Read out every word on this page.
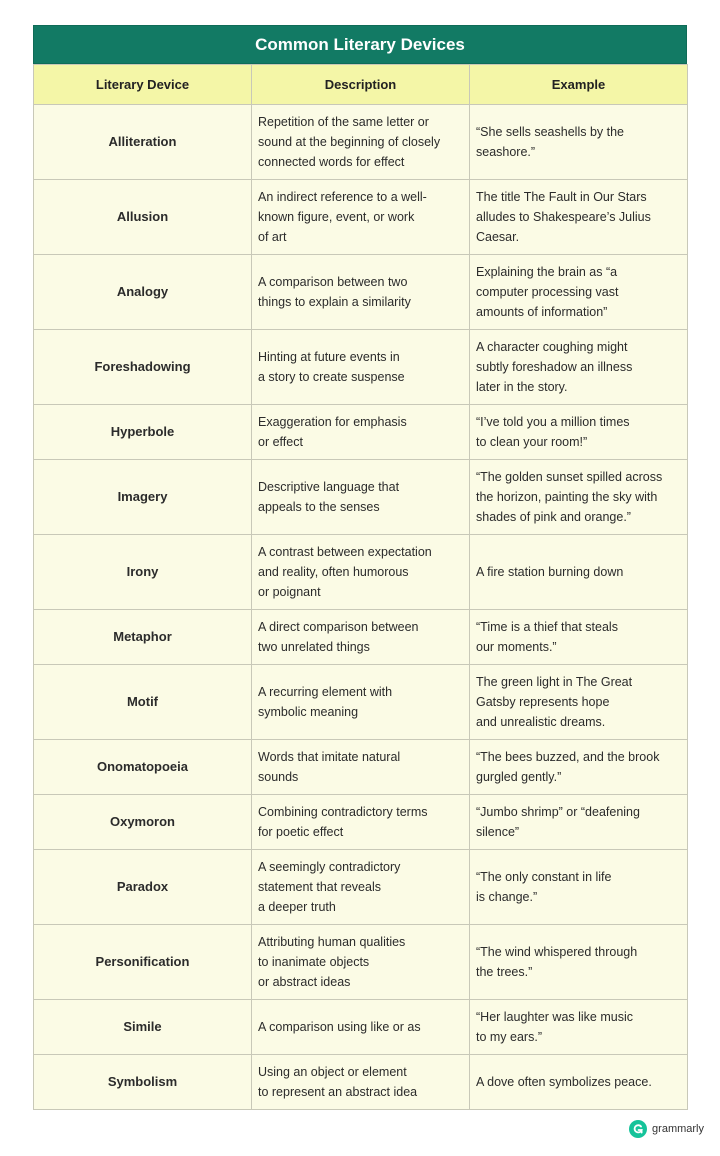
Common Literary Devices
Literary Device	Description	Example
Alliteration	Repetition of the same letter or
sound at the beginning of closely
connected words for effect	“She sells seashells by the
seashore.”

Allusion	An indirect reference to a well-
known figure, event, or work
of art	The title The Fault in Our Stars
alludes to Shakespeare’s Julius
Caesar.

Analogy	A comparison between two
things to explain a similarity	Explaining the brain as “a
computer processing vast
amounts of information”

Foreshadowing	Hinting at future events in
a story to create suspense	A character coughing might
subtly foreshadow an illness
later in the story.

Hyperbole	Exaggeration for emphasis
or effect	“I’ve told you a million times
to clean your room!”

Imagery	Descriptive language that
appeals to the senses	“The golden sunset spilled across
the horizon, painting the sky with
shades of pink and orange.”

Irony	A contrast between expectation
and reality, often humorous
or poignant	A fire station burning down

Metaphor	A direct comparison between
two unrelated things	“Time is a thief that steals
our moments.”

Motif	A recurring element with
symbolic meaning	The green light in The Great
Gatsby represents hope
and unrealistic dreams.

Onomatopoeia	Words that imitate natural
sounds	“The bees buzzed, and the brook
gurgled gently.”

Oxymoron	Combining contradictory terms
for poetic effect	“Jumbo shrimp” or “deafening
silence”

Paradox	A seemingly contradictory
statement that reveals
a deeper truth	“The only constant in life
is change.”

Personification	Attributing human qualities
to inanimate objects
or abstract ideas	“The wind whispered through
the trees.”

Simile	A comparison using like or as	“Her laughter was like music
to my ears.”

Symbolism	Using an object or element
to represent an abstract idea	A dove often symbolizes peace.
grammarly
